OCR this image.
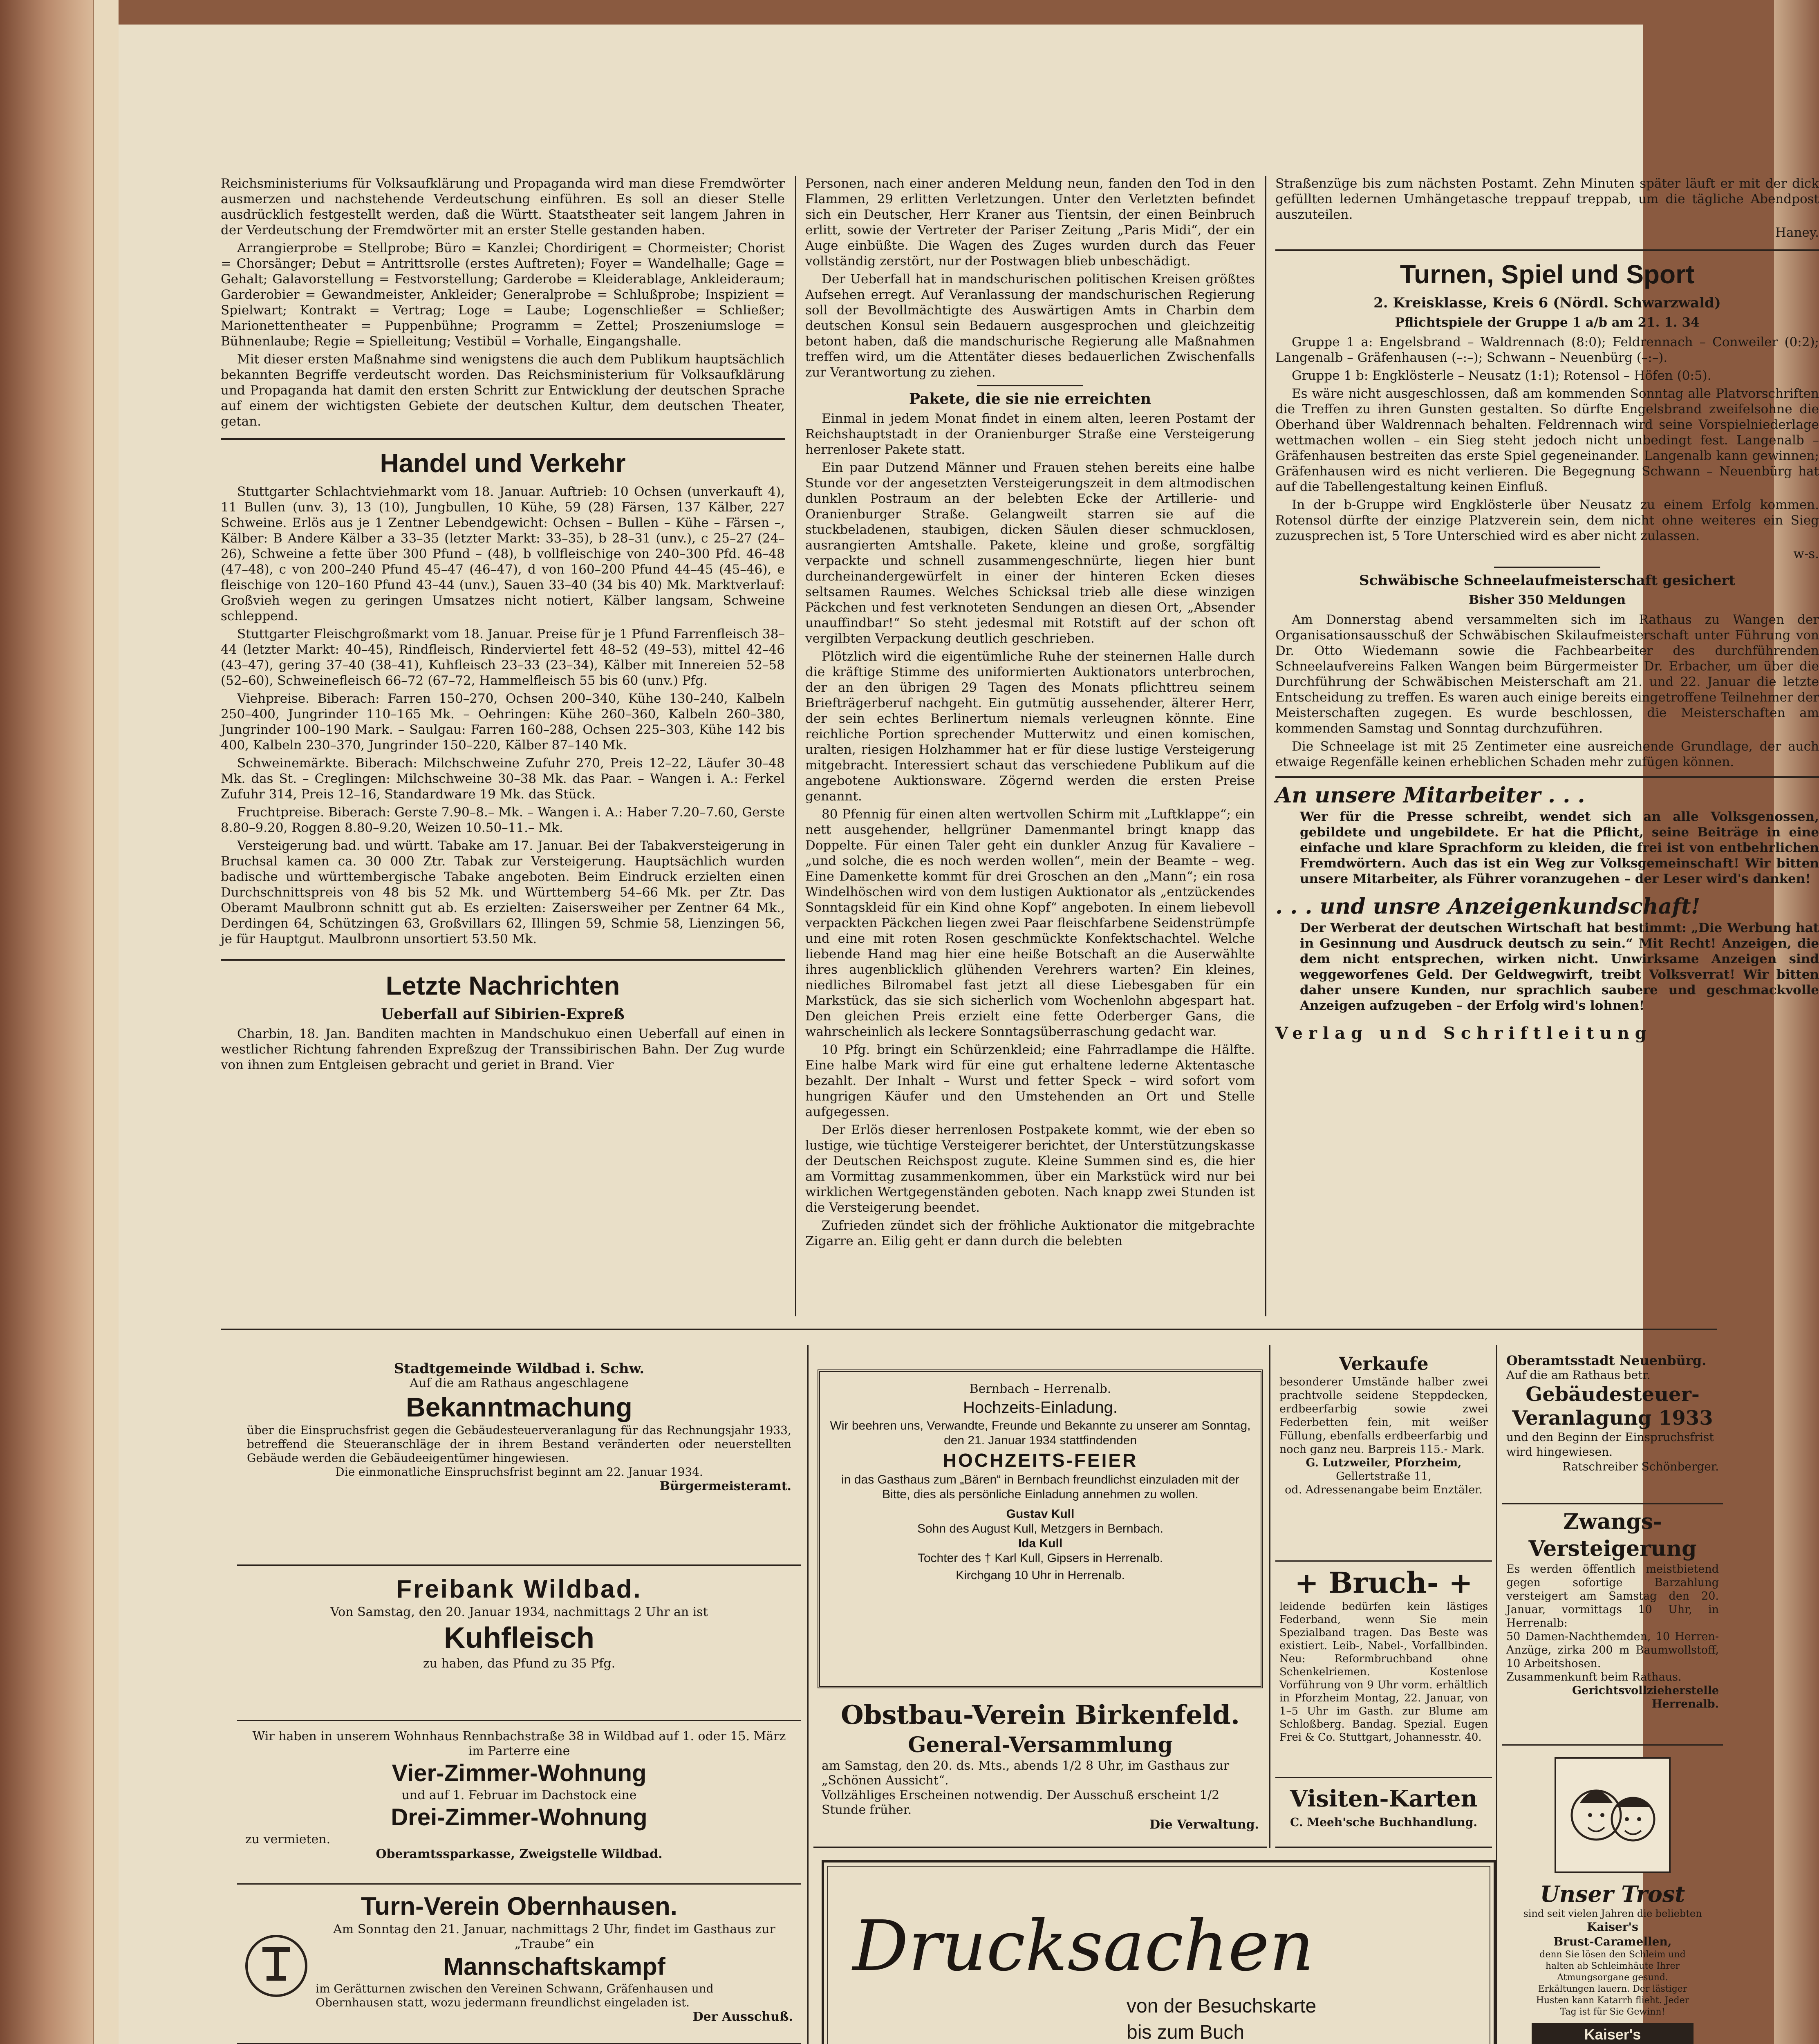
Reichsministeriums für Volksaufklärung und Propaganda wird man diese Fremdwörter ausmerzen und nachstehende Verdeutschung einführen. Es soll an dieser Stelle ausdrücklich festgestellt werden, daß die Württ. Staatstheater seit langem Jahren in der Verdeutschung der Fremdwörter mit an erster Stelle gestanden haben.

Arrangierprobe = Stellprobe; Büro = Kanzlei; Chordirigent = Chormeister; Chorist = Chorsänger; Debut = Antrittsrolle (erstes Auftreten); Foyer = Wandelhalle; Gage = Gehalt; Galavorstellung = Festvorstellung; Garderobe = Kleiderablage, Ankleideraum; Garderobier = Gewandmeister, Ankleider; Generalprobe = Schlußprobe; Inspizient = Spielwart; Kontrakt = Vertrag; Loge = Laube; Logenschließer = Schließer; Marionettentheater = Puppenbühne; Programm = Zettel; Proszeniumsloge = Bühnenlaube; Regie = Spielleitung; Vestibül = Vorhalle, Eingangshalle.

Mit dieser ersten Maßnahme sind wenigstens die auch dem Publikum hauptsächlich bekannten Begriffe verdeutscht worden. Das Reichsministerium für Volksaufklärung und Propaganda hat damit den ersten Schritt zur Entwicklung der deutschen Sprache auf einem der wichtigsten Gebiete der deutschen Kultur, dem deutschen Theater, getan.

Handel und Verkehr

Stuttgarter Schlachtviehmarkt vom 18. Januar. Auftrieb: 10 Ochsen (unverkauft 4), 11 Bullen (unv. 3), 13 (10), Jungbullen, 10 Kühe, 59 (28) Färsen, 137 Kälber, 227 Schweine. Erlös aus je 1 Zentner Lebendgewicht: Ochsen – Bullen – Kühe – Färsen –, Kälber: B Andere Kälber a 33–35 (letzter Markt: 33–35), b 28–31 (unv.), c 25–27 (24–26), Schweine a fette über 300 Pfund – (48), b vollfleischige von 240–300 Pfd. 46–48 (47–48), c von 200–240 Pfund 45–47 (46–47), d von 160–200 Pfund 44–45 (45–46), e fleischige von 120–160 Pfund 43–44 (unv.), Sauen 33–40 (34 bis 40) Mk. Marktverlauf: Großvieh wegen zu geringen Umsatzes nicht notiert, Kälber langsam, Schweine schleppend.

Stuttgarter Fleischgroßmarkt vom 18. Januar. Preise für je 1 Pfund Farrenfleisch 38–44 (letzter Markt: 40–45), Rindfleisch, Rinderviertel fett 48–52 (49–53), mittel 42–46 (43–47), gering 37–40 (38–41), Kuhfleisch 23–33 (23–34), Kälber mit Innereien 52–58 (52–60), Schweinefleisch 66–72 (67–72, Hammelfleisch 55 bis 60 (unv.) Pfg.

Viehpreise. Biberach: Farren 150–270, Ochsen 200–340, Kühe 130–240, Kalbeln 250–400, Jungrinder 110–165 Mk. – Oehringen: Kühe 260–360, Kalbeln 260–380, Jungrinder 100–190 Mark. – Saulgau: Farren 160–288, Ochsen 225–303, Kühe 142 bis 400, Kalbeln 230–370, Jungrinder 150–220, Kälber 87–140 Mk.

Schweinemärkte. Biberach: Milchschweine Zufuhr 270, Preis 12–22, Läufer 30–48 Mk. das St. – Creglingen: Milchschweine 30–38 Mk. das Paar. – Wangen i. A.: Ferkel Zufuhr 314, Preis 12–16, Standardware 19 Mk. das Stück.

Fruchtpreise. Biberach: Gerste 7.90–8.– Mk. – Wangen i. A.: Haber 7.20–7.60, Gerste 8.80–9.20, Roggen 8.80–9.20, Weizen 10.50–11.– Mk.

Versteigerung bad. und württ. Tabake am 17. Januar. Bei der Tabakversteigerung in Bruchsal kamen ca. 30 000 Ztr. Tabak zur Versteigerung. Hauptsächlich wurden badische und württembergische Tabake angeboten. Beim Eindruck erzielten einen Durchschnittspreis von 48 bis 52 Mk. und Württemberg 54–66 Mk. per Ztr. Das Oberamt Maulbronn schnitt gut ab. Es erzielten: Zaisersweiher per Zentner 64 Mk., Derdingen 64, Schützingen 63, Großvillars 62, Illingen 59, Schmie 58, Lienzingen 56, je für Hauptgut. Maulbronn unsortiert 53.50 Mk.

Letzte Nachrichten
Ueberfall auf Sibirien-Expreß

Charbin, 18. Jan. Banditen machten in Mandschukuo einen Ueberfall auf einen in westlicher Richtung fahrenden Expreßzug der Transsibirischen Bahn. Der Zug wurde von ihnen zum Entgleisen gebracht und geriet in Brand. Vier

Personen, nach einer anderen Meldung neun, fanden den Tod in den Flammen, 29 erlitten Verletzungen. Unter den Verletzten befindet sich ein Deutscher, Herr Kraner aus Tientsin, der einen Beinbruch erlitt, sowie der Vertreter der Pariser Zeitung „Paris Midi“, der ein Auge einbüßte. Die Wagen des Zuges wurden durch das Feuer vollständig zerstört, nur der Postwagen blieb unbeschädigt.

Der Ueberfall hat in mandschurischen politischen Kreisen größtes Aufsehen erregt. Auf Veranlassung der mandschurischen Regierung soll der Bevollmächtigte des Auswärtigen Amts in Charbin dem deutschen Konsul sein Bedauern ausgesprochen und gleichzeitig betont haben, daß die mandschurische Regierung alle Maßnahmen treffen wird, um die Attentäter dieses bedauerlichen Zwischenfalls zur Verantwortung zu ziehen.

Pakete, die sie nie erreichten

Einmal in jedem Monat findet in einem alten, leeren Postamt der Reichshauptstadt in der Oranienburger Straße eine Versteigerung herrenloser Pakete statt.

Ein paar Dutzend Männer und Frauen stehen bereits eine halbe Stunde vor der angesetzten Versteigerungszeit in dem altmodischen dunklen Postraum an der belebten Ecke der Artillerie- und Oranienburger Straße. Gelangweilt starren sie auf die stuckbeladenen, staubigen, dicken Säulen dieser schmucklosen, ausrangierten Amtshalle. Pakete, kleine und große, sorgfältig verpackte und schnell zusammengeschnürte, liegen hier bunt durcheinandergewürfelt in einer der hinteren Ecken dieses seltsamen Raumes. Welches Schicksal trieb alle diese winzigen Päckchen und fest verknoteten Sendungen an diesen Ort, „Absender unauffindbar!“ So steht jedesmal mit Rotstift auf der schon oft vergilbten Verpackung deutlich geschrieben.

Plötzlich wird die eigentümliche Ruhe der steinernen Halle durch die kräftige Stimme des uniformierten Auktionators unterbrochen, der an den übrigen 29 Tagen des Monats pflichttreu seinem Briefträgerberuf nachgeht. Ein gutmütig aussehender, älterer Herr, der sein echtes Berlinertum niemals verleugnen könnte. Eine reichliche Portion sprechender Mutterwitz und einen komischen, uralten, riesigen Holzhammer hat er für diese lustige Versteigerung mitgebracht. Interessiert schaut das verschiedene Publikum auf die angebotene Auktionsware. Zögernd werden die ersten Preise genannt.

80 Pfennig für einen alten wertvollen Schirm mit „Luftklappe“; ein nett ausgehender, hellgrüner Damenmantel bringt knapp das Doppelte. Für einen Taler geht ein dunkler Anzug für Kavaliere – „und solche, die es noch werden wollen“, mein der Beamte – weg. Eine Damenkette kommt für drei Groschen an den „Mann“; ein rosa Windelhöschen wird von dem lustigen Auktionator als „entzückendes Sonntagskleid für ein Kind ohne Kopf“ angeboten. In einem liebevoll verpackten Päckchen liegen zwei Paar fleischfarbene Seidenstrümpfe und eine mit roten Rosen geschmückte Konfektschachtel. Welche liebende Hand mag hier eine heiße Botschaft an die Auserwählte ihres augenblicklich glühenden Verehrers warten? Ein kleines, niedliches Bilromabel fast jetzt all diese Liebesgaben für ein Markstück, das sie sich sicherlich vom Wochenlohn abgespart hat. Den gleichen Preis erzielt eine fette Oderberger Gans, die wahrscheinlich als leckere Sonntagsüberraschung gedacht war.

10 Pfg. bringt ein Schürzenkleid; eine Fahrradlampe die Hälfte. Eine halbe Mark wird für eine gut erhaltene lederne Aktentasche bezahlt. Der Inhalt – Wurst und fetter Speck – wird sofort vom hungrigen Käufer und den Umstehenden an Ort und Stelle aufgegessen.

Der Erlös dieser herrenlosen Postpakete kommt, wie der eben so lustige, wie tüchtige Versteigerer berichtet, der Unterstützungskasse der Deutschen Reichspost zugute. Kleine Summen sind es, die hier am Vormittag zusammenkommen, über ein Markstück wird nur bei wirklichen Wertgegenständen geboten. Nach knapp zwei Stunden ist die Versteigerung beendet.

Zufrieden zündet sich der fröhliche Auktionator die mitgebrachte Zigarre an. Eilig geht er dann durch die belebten

Straßenzüge bis zum nächsten Postamt. Zehn Minuten später läuft er mit der dick gefüllten ledernen Umhängetasche treppauf treppab, um die tägliche Abendpost auszuteilen.

Haney.
Turnen, Spiel und Sport
2. Kreisklasse, Kreis 6 (Nördl. Schwarzwald)
Pflichtspiele der Gruppe 1 a/b am 21. 1. 34

Gruppe 1 a: Engelsbrand – Waldrennach (8:0); Feldrennach – Conweiler (0:2); Langenalb – Gräfenhausen (–:–); Schwann – Neuenbürg (–:–).

Gruppe 1 b: Engklösterle – Neusatz (1:1); Rotensol – Höfen (0:5).

Es wäre nicht ausgeschlossen, daß am kommenden Sonntag alle Platvorschriften die Treffen zu ihren Gunsten gestalten. So dürfte Engelsbrand zweifelsohne die Oberhand über Waldrennach behalten. Feldrennach wird seine Vorspielniederlage wettmachen wollen – ein Sieg steht jedoch nicht unbedingt fest. Langenalb – Gräfenhausen bestreiten das erste Spiel gegeneinander. Langenalb kann gewinnen; Gräfenhausen wird es nicht verlieren. Die Begegnung Schwann – Neuenbürg hat auf die Tabellengestaltung keinen Einfluß.

In der b-Gruppe wird Engklösterle über Neusatz zu einem Erfolg kommen. Rotensol dürfte der einzige Platzverein sein, dem nicht ohne weiteres ein Sieg zuzusprechen ist, 5 Tore Unterschied wird es aber nicht zulassen.

w-s.
Schwäbische Schneelaufmeisterschaft gesichert
Bisher 350 Meldungen

Am Donnerstag abend versammelten sich im Rathaus zu Wangen der Organisationsausschuß der Schwäbischen Skilaufmeisterschaft unter Führung von Dr. Otto Wiedemann sowie die Fachbearbeiter des durchführenden Schneelaufvereins Falken Wangen beim Bürgermeister Dr. Erbacher, um über die Durchführung der Schwäbischen Meisterschaft am 21. und 22. Januar die letzte Entscheidung zu treffen. Es waren auch einige bereits eingetroffene Teilnehmer der Meisterschaften zugegen. Es wurde beschlossen, die Meisterschaften am kommenden Samstag und Sonntag durchzuführen.

Die Schneelage ist mit 25 Zentimeter eine ausreichende Grundlage, der auch etwaige Regenfälle keinen erheblichen Schaden mehr zufügen können.

An unsere Mitarbeiter . . .

Wer für die Presse schreibt, wendet sich an alle Volksgenossen, gebildete und ungebildete. Er hat die Pflicht, seine Beiträge in eine einfache und klare Sprachform zu kleiden, die frei ist von entbehrlichen Fremdwörtern. Auch das ist ein Weg zur Volksgemeinschaft! Wir bitten unsere Mitarbeiter, als Führer voranzugehen – der Leser wird's danken!

. . . und unsre Anzeigenkundschaft!

Der Werberat der deutschen Wirtschaft hat bestimmt: „Die Werbung hat in Gesinnung und Ausdruck deutsch zu sein.“ Mit Recht! Anzeigen, die dem nicht entsprechen, wirken nicht. Unwirksame Anzeigen sind weggeworfenes Geld. Der Geldwegwirft, treibt Volksverrat! Wir bitten daher unsere Kunden, nur sprachlich saubere und geschmackvolle Anzeigen aufzugeben – der Erfolg wird's lohnen!

Verlag und Schriftleitung
Stadtgemeinde Wildbad i. Schw.
Auf die am Rathaus angeschlagene
Bekanntmachung
über die Einspruchsfrist gegen die Gebäudesteuerveranlagung für das Rechnungsjahr 1933, betreffend die Steueranschläge der in ihrem Bestand veränderten oder neuerstellten Gebäude werden die Gebäudeeigentümer hingewiesen.
Die einmonatliche Einspruchsfrist beginnt am 22. Januar 1934.
Bürgermeisteramt.
Freibank Wildbad.
Von Samstag, den 20. Januar 1934, nachmittags 2 Uhr an ist
Kuhfleisch
zu haben, das Pfund zu 35 Pfg.
Wir haben in unserem Wohnhaus Rennbachstraße 38 in Wildbad auf 1. oder 15. März im Parterre eine
Vier-Zimmer-Wohnung
und auf 1. Februar im Dachstock eine
Drei-Zimmer-Wohnung
zu vermieten.
Oberamtssparkasse, Zweigstelle Wildbad.
Turn-Verein Obernhausen.
Am Sonntag den 21. Januar, nachmittags 2 Uhr, findet im Gasthaus zur „Traube“ ein
Mannschaftskampf
im Gerätturnen zwischen den Vereinen Schwann, Gräfenhausen und Obernhausen statt, wozu jedermann freundlichst eingeladen ist.
Der Ausschuß.
Bernbach – Herrenalb.
Hochzeits-Einladung.
Wir beehren uns, Verwandte, Freunde und Bekannte zu unserer am Sonntag, den 21. Januar 1934 stattfindenden
HOCHZEITS-FEIER
in das Gasthaus zum „Bären“ in Bernbach freundlichst einzuladen mit der Bitte, dies als persönliche Einladung annehmen zu wollen.
Gustav Kull
Sohn des August Kull, Metzgers in Bernbach.
Ida Kull
Tochter des † Karl Kull, Gipsers in Herrenalb.
Kirchgang 10 Uhr in Herrenalb.
Obstbau-Verein Birkenfeld.
General-Versammlung
am Samstag, den 20. ds. Mts., abends 1/2 8 Uhr, im Gasthaus zur „Schönen Aussicht“.
Vollzähliges Erscheinen notwendig. Der Ausschuß erscheint 1/2 Stunde früher.
Die Verwaltung.
Drucksachen
von der Besuchskarte
bis zum Buch
Verkaufe
besonderer Umstände halber zwei prachtvolle seidene Steppdecken, erdbeerfarbig sowie zwei Federbetten fein, mit weißer Füllung, ebenfalls erdbeerfarbig und noch ganz neu. Barpreis 115.- Mark.
G. Lutzweiler, Pforzheim,
Gellertstraße 11,
od. Adressenangabe beim Enztäler.
+ Bruch- +
leidende bedürfen kein lästiges Federband, wenn Sie mein Spezialband tragen. Das Beste was existiert. Leib-, Nabel-, Vorfallbinden. Neu: Reformbruchband ohne Schenkelriemen. Kostenlose Vorführung von 9 Uhr vorm. erhältlich in Pforzheim Montag, 22. Januar, von 1–5 Uhr im Gasth. zur Blume am Schloßberg. Bandag. Spezial. Eugen Frei & Co. Stuttgart, Johannesstr. 40.
Visiten-Karten
C. Meeh'sche Buchhandlung.
Oberamtsstadt Neuenbürg.
Auf die am Rathaus betr.
Gebäudesteuer-Veranlagung 1933
und den Beginn der Einspruchsfrist wird hingewiesen.
Ratschreiber Schönberger.
Zwangs-Versteigerung
Es werden öffentlich meistbietend gegen sofortige Barzahlung versteigert am Samstag den 20. Januar, vormittags 10 Uhr, in Herrenalb:
50 Damen-Nachthemden, 10 Herren-Anzüge, zirka 200 m Baumwollstoff, 10 Arbeitshosen.
Zusammenkunft beim Rathaus.
Gerichtsvollzieherstelle
Herrenalb.
Unser Trost
sind seit vielen Jahren die beliebten
Kaiser's
Brust-Caramellen,
denn Sie lösen den Schleim und halten ab Schleimhäute Ihrer Atmungsorgane gesund. Erkältungen lauern. Der lästiger Husten kann Katarrh flieht. Jeder Tag ist für Sie Gewinn!
Kaiser's
